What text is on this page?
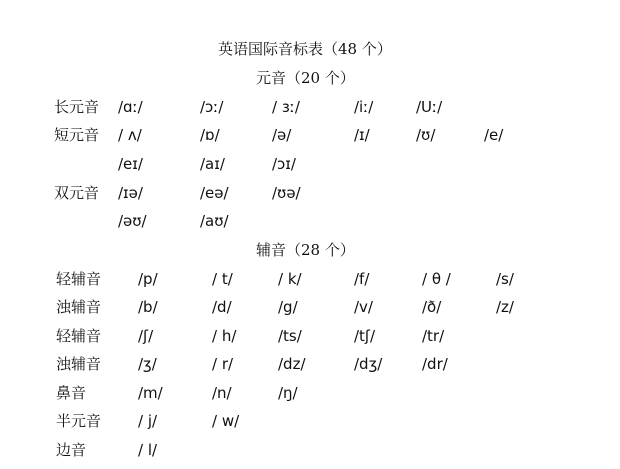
英语国际音标表（48 个）
元音（20 个）
长元音 /ɑː/	/ɔː/	/ ɜː/	/iː/	/Uː/
短元音 / ʌ/	/ɒ/	/ə/	/ɪ/	/ʊ/	/e/
/eɪ/	/aɪ/	/ɔɪ/
双元音 /ɪə/	/eə/	/ʊə/
/əʊ/	/aʊ/
辅音（28 个）
轻辅音 /p/	/ t/	/ k/	/f/	/ θ /	/s/
浊辅音 /b/	/d/	/g/	/v/	/ð/	/z/
轻辅音 /ʃ/	/ h/	/ts/	/tʃ/	/tr/
浊辅音 /ʒ/	/ r/	/dz/	/dʒ/	/dr/
鼻音	/m/	/n/	/ŋ/
半元音 / j/	/ w/
边音	/ l/
